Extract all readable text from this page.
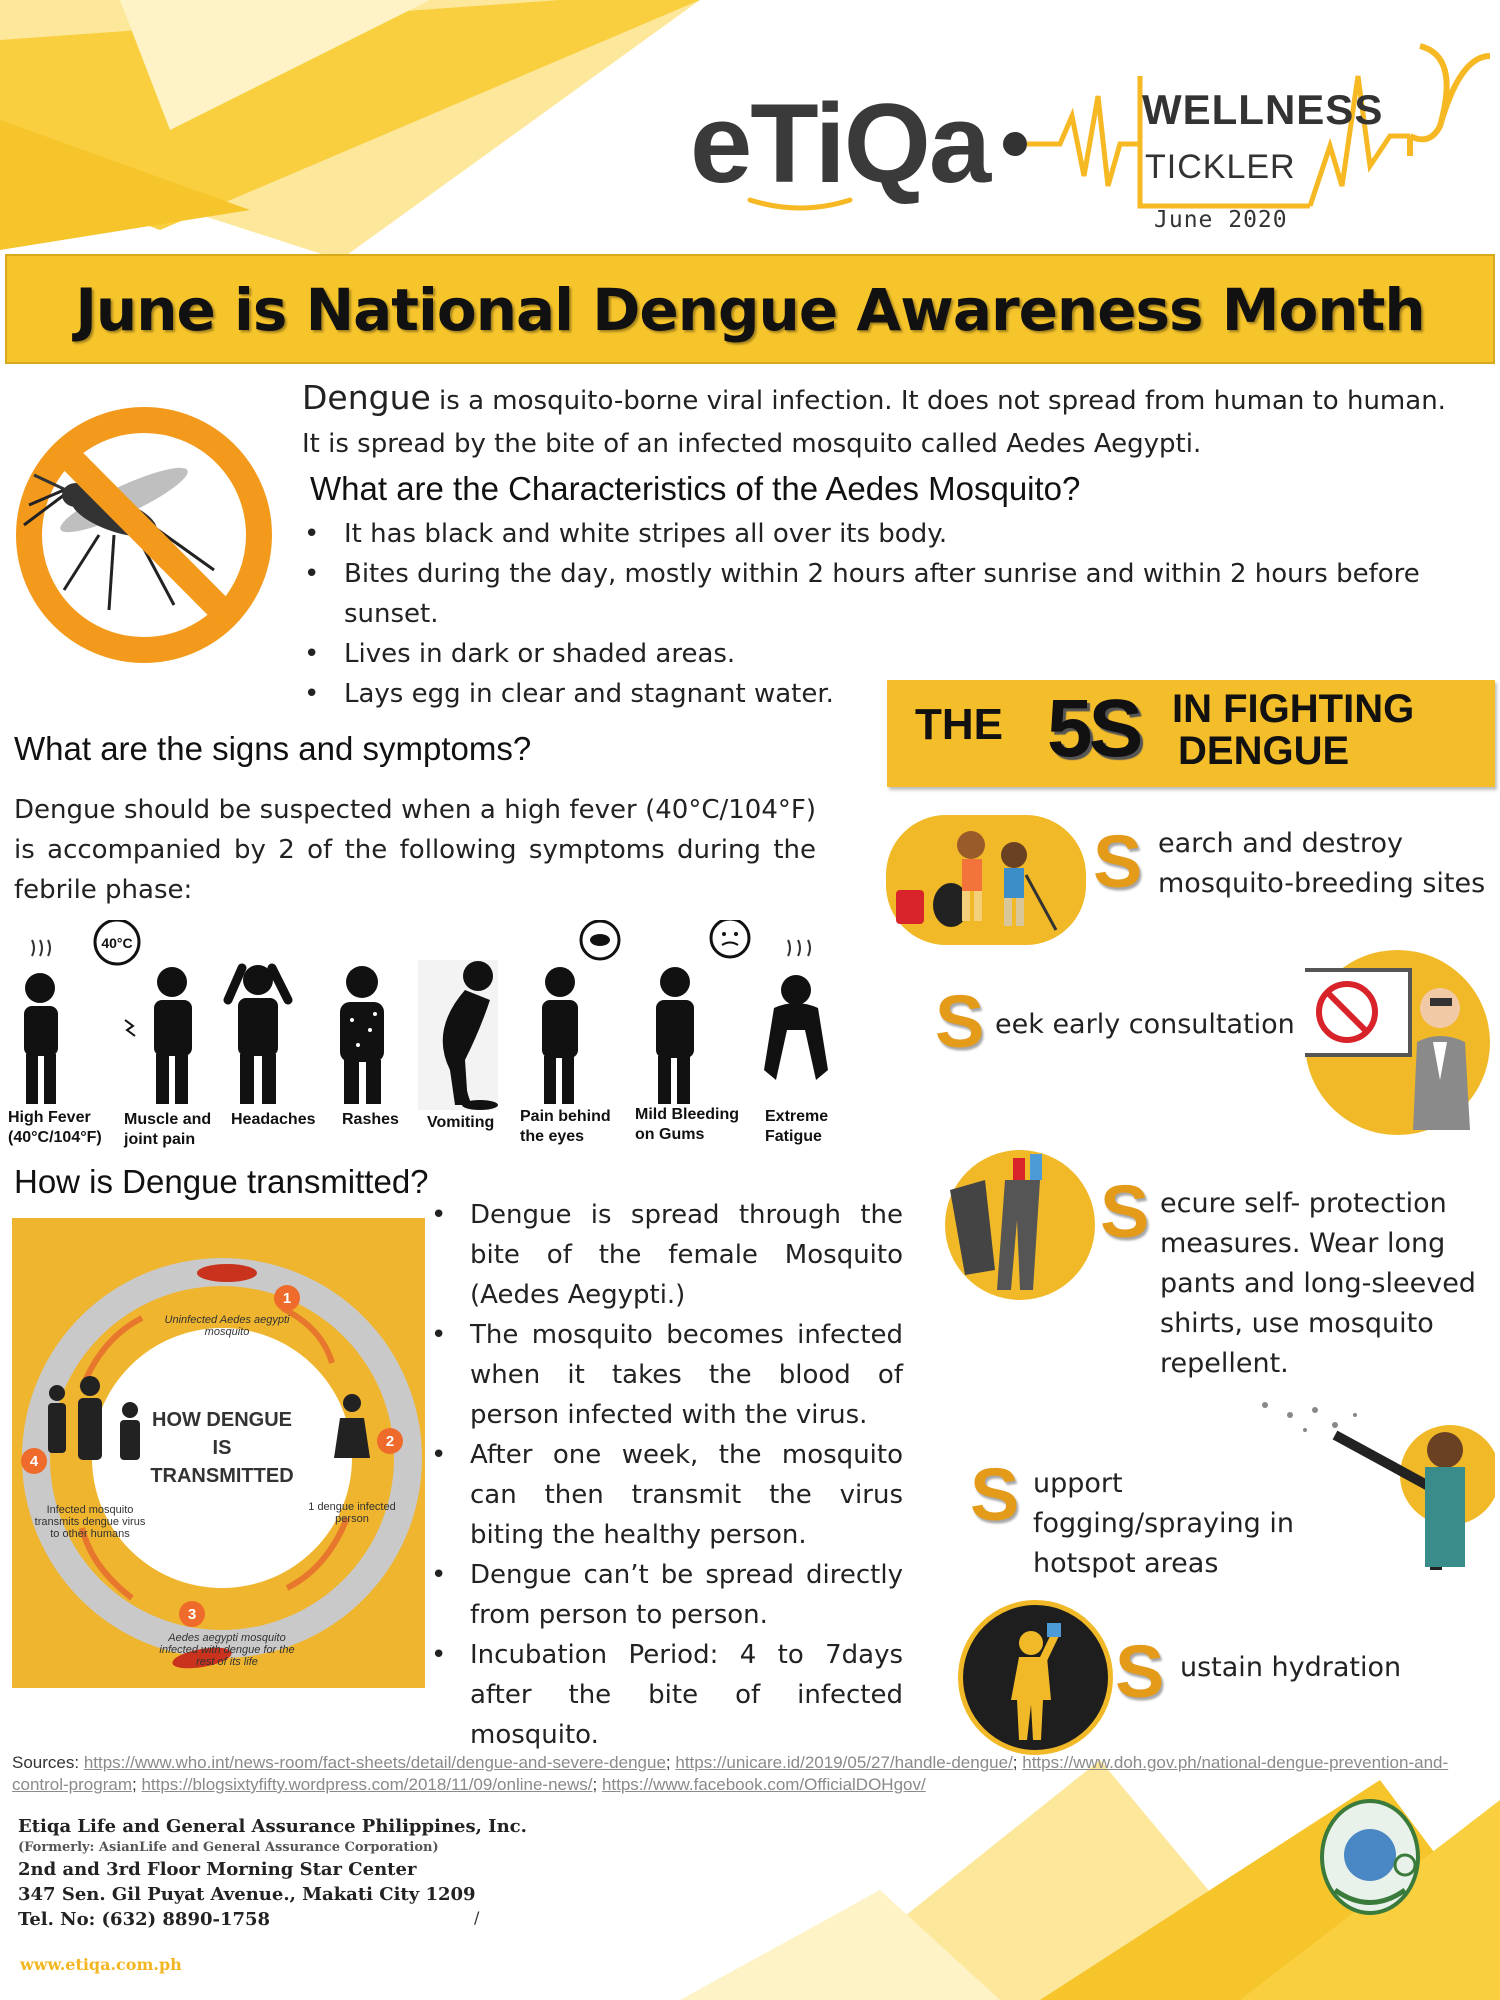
eTiQa	WELLNESS
TICKLER
June 2020
June is National Dengue Awareness Month
Dengue is a mosquito-borne viral infection. It does not spread from human to human.
It is spread by the bite of an infected mosquito called Aedes Aegypti.
What are the Characteristics of the Aedes Mosquito?
• It has black and white stripes all over its body.
• Bites during the day, mostly within 2 hours after sunrise and within 2 hours before sunset.
• Lives in dark or shaded areas.
• Lays egg in clear and stagnant water.
What are the signs and symptoms?
Dengue should be suspected when a high fever (40°C/104°F) is accompanied by 2 of the following symptoms during the febrile phase:
40°C
High Fever (40°C/104°F)
Muscle and joint pain
Headaches	Rashes	Vomiting	Pain behind the eyes
Mild Bleeding on Gums
Extreme Fatigue
How is Dengue transmitted?
1
2
3
4
HOW DENGUE IS TRANSMITTED
Uninfected Aedes aegypti mosquito
1 dengue infected person
Aedes aegypti mosquito infected with dengue for the rest of its life
Infected mosquito transmits dengue virus to other humans
• Dengue is spread through the bite of the female Mosquito (Aedes Aegypti.)
• The mosquito becomes infected when it takes the blood of person infected with the virus.
• After one week, the mosquito can then transmit the virus biting the healthy person.
• Dengue can’t be spread directly from person to person.
• Incubation Period: 4 to 7days after the bite of infected mosquito.
THE 5S IN FIGHTING
DENGUE
S earch and destroy mosquito-breeding sites
S eek early consultation
S ecure self- protection measures. Wear long pants and long-sleeved shirts, use mosquito repellent.
S upport fogging/spraying in hotspot areas
S ustain hydration
Sources: https://www.who.int/news-room/fact-sheets/detail/dengue-and-severe-dengue; https://unicare.id/2019/05/27/handle-dengue/; https://www.doh.gov.ph/national-dengue-prevention-and-control-program; https://blogsixtyfifty.wordpress.com/2018/11/09/online-news/; https://www.facebook.com/OfficialDOHgov/
Etiqa Life and General Assurance Philippines, Inc.
(Formerly: AsianLife and General Assurance Corporation)
2nd and 3rd Floor Morning Star Center
347 Sen. Gil Puyat Avenue., Makati City 1209
Tel. No: (632) 8890-1758	/
www.etiqa.com.ph
